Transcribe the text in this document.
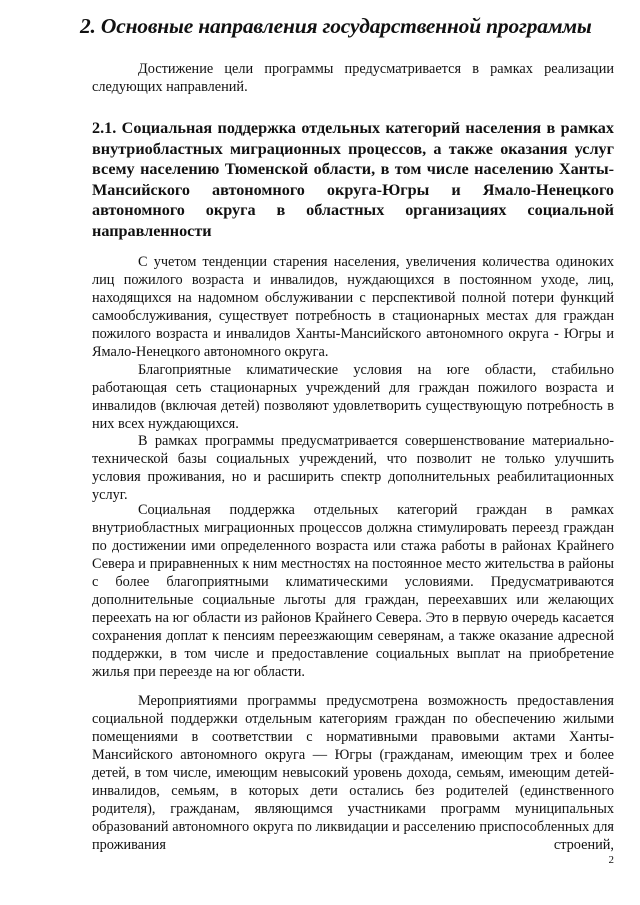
2. Основные направления государственной программы
Достижение цели программы предусматривается в рамках реализации следующих направлений.
2.1. Социальная поддержка отдельных категорий населения в рамках внутриобластных миграционных процессов, а также оказания услуг всему населению Тюменской области, в том числе населению Ханты-Мансийского автономного округа-Югры и Ямало-Ненецкого автономного округа в областных организациях социальной направленности
С учетом тенденции старения населения, увеличения количества одиноких лиц пожилого возраста и инвалидов, нуждающихся в постоянном уходе, лиц, находящихся на надомном обслуживании с перспективой полной потери функций самообслуживания, существует потребность в стационарных местах для граждан пожилого возраста и инвалидов Ханты-Мансийского автономного округа - Югры и Ямало-Ненецкого автономного округа.
Благоприятные климатические условия на юге области, стабильно работающая сеть стационарных учреждений для граждан пожилого возраста и инвалидов (включая детей) позволяют удовлетворить существующую потребность в них всех нуждающихся.
В рамках программы предусматривается совершенствование материально-технической базы социальных учреждений, что позволит не только улучшить условия проживания, но и расширить спектр дополнительных реабилитационных услуг.
Социальная поддержка отдельных категорий граждан в рамках внутриобластных миграционных процессов должна стимулировать переезд граждан по достижении ими определенного возраста или стажа работы в районах Крайнего Севера и приравненных к ним местностях на постоянное место жительства в районы с более благоприятными климатическими условиями. Предусматриваются дополнительные социальные льготы для граждан, переехавших или желающих переехать на юг области из районов Крайнего Севера. Это в первую очередь касается сохранения доплат к пенсиям переезжающим северянам, а также оказание адресной поддержки, в том числе и предоставление социальных выплат на приобретение жилья при переезде на юг области.
Мероприятиями программы предусмотрена возможность предоставления социальной поддержки отдельным категориям граждан по обеспечению жилыми помещениями в соответствии с нормативными правовыми актами Ханты-Мансийского автономного округа — Югры (гражданам, имеющим трех и более детей, в том числе, имеющим невысокий уровень дохода, семьям, имеющим детей-инвалидов, семьям, в которых дети остались без родителей (единственного родителя), гражданам, являющимся участниками программ муниципальных образований автономного округа по ликвидации и расселению приспособленных для проживания строений,
2
